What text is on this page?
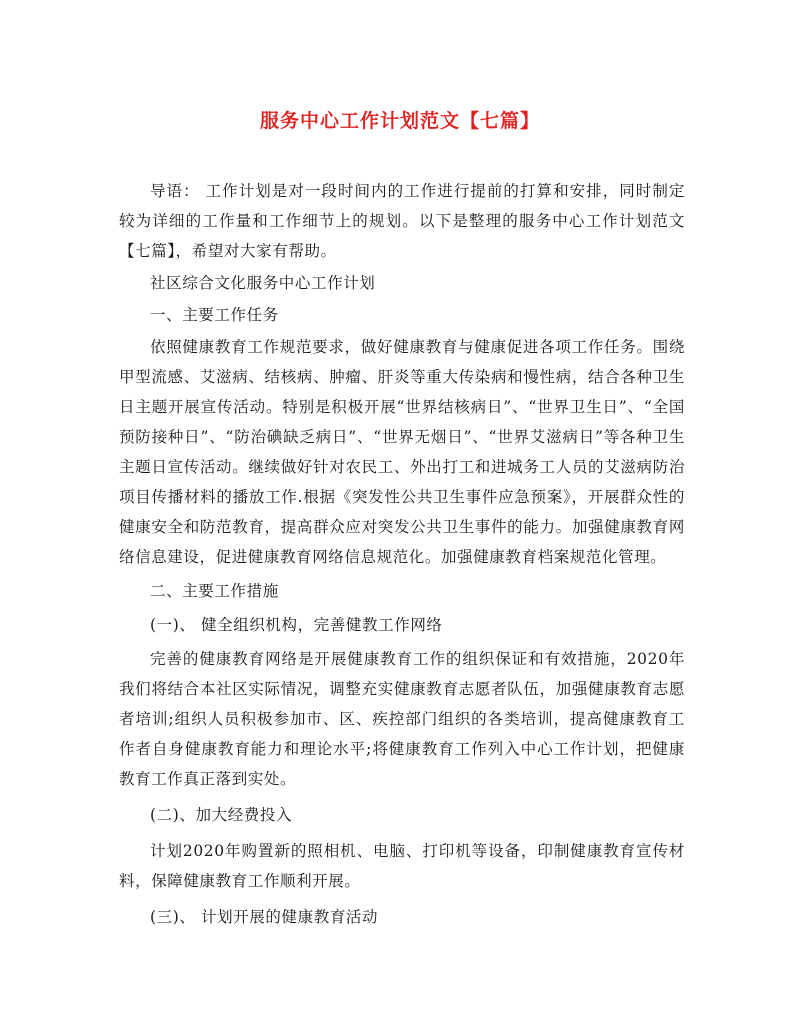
服务中心工作计划范文【七篇】

导语： 工作计划是对一段时间内的工作进行提前的打算和安排，同时制定较为详细的工作量和工作细节上的规划。以下是整理的服务中心工作计划范文【七篇】，希望对大家有帮助。

社区综合文化服务中心工作计划

一、主要工作任务

依照健康教育工作规范要求，做好健康教育与健康促进各项工作任务。围绕甲型流感、艾滋病、结核病、肿瘤、肝炎等重大传染病和慢性病，结合各种卫生日主题开展宣传活动。特别是积极开展“世界结核病日”、“世界卫生日”、“全国预防接种日”、“防治碘缺乏病日”、“世界无烟日”、“世界艾滋病日”等各种卫生主题日宣传活动。继续做好针对农民工、外出打工和进城务工人员的艾滋病防治项目传播材料的播放工作.根据《突发性公共卫生事件应急预案》，开展群众性的健康安全和防范教育，提高群众应对突发公共卫生事件的能力。加强健康教育网络信息建设，促进健康教育网络信息规范化。加强健康教育档案规范化管理。

二、主要工作措施

(一)、 健全组织机构，完善健教工作网络

完善的健康教育网络是开展健康教育工作的组织保证和有效措施，2020年我们将结合本社区实际情况，调整充实健康教育志愿者队伍，加强健康教育志愿者培训;组织人员积极参加市、区、疾控部门组织的各类培训，提高健康教育工作者自身健康教育能力和理论水平;将健康教育工作列入中心工作计划，把健康教育工作真正落到实处。

(二)、加大经费投入

计划2020年购置新的照相机、电脑、打印机等设备，印制健康教育宣传材料，保障健康教育工作顺利开展。

(三)、 计划开展的健康教育活动
